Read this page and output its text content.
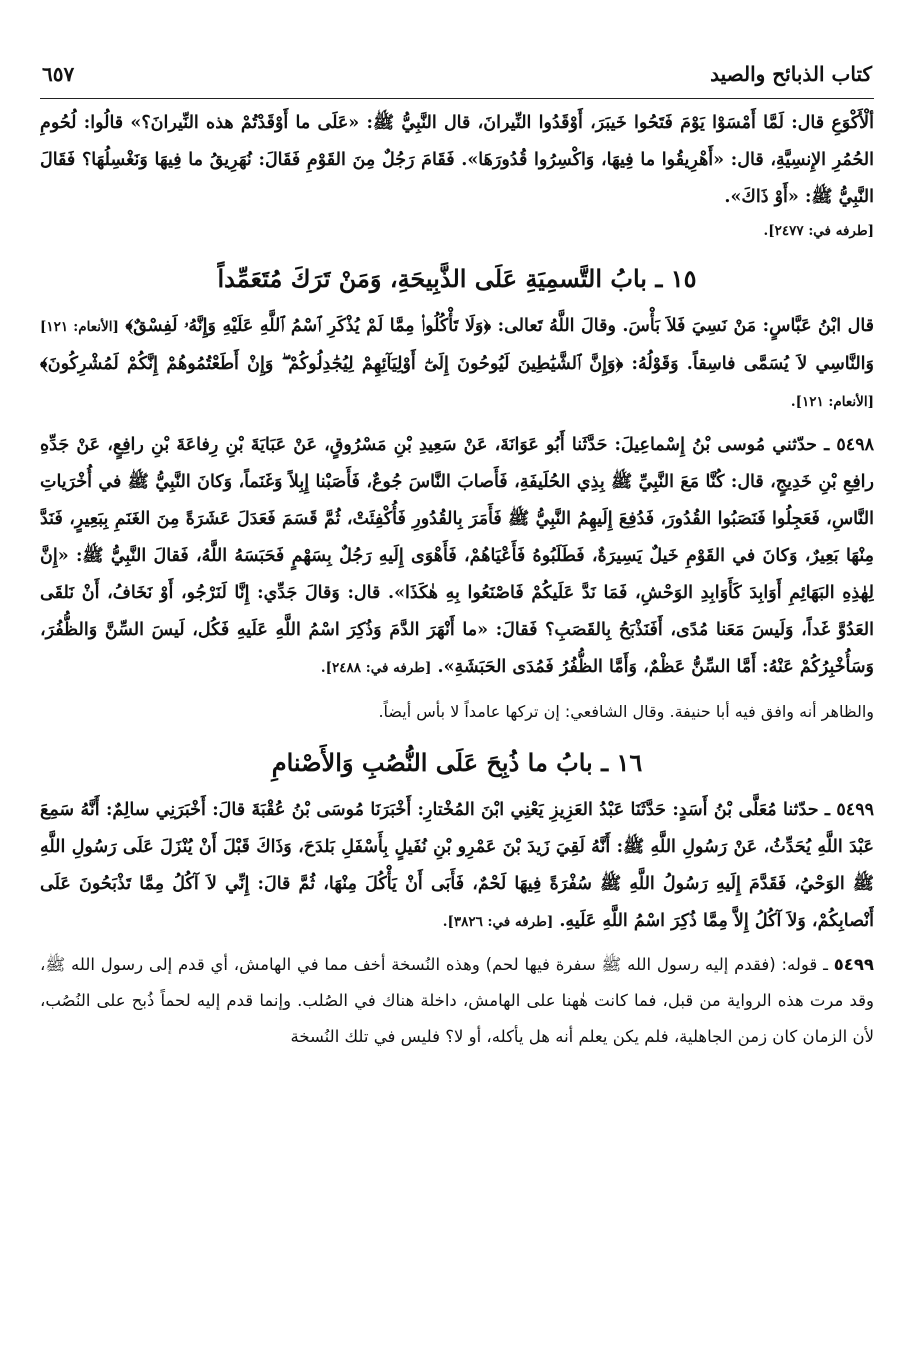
كتاب الذبائح والصيد
٦٥٧

ألْأَكْوَعِ قال: لَمَّا أَمْسَوْا يَوْمَ فَتَحُوا خَيبَرَ، أَوْقَدُوا النِّيرانَ، قال النَّبِيُّ ﷺ: «عَلَى ما أَوْقَدْتُمْ هذه النِّيرانَ؟» قالُوا: لُحُومِ الحُمُرِ الإِنسِيَّةِ، قال: «أَهْرِيقُوا ما فِيهَا، وَاكْسِرُوا قُدُورَهَا». فَقَامَ رَجُلٌ مِنَ القَوْمِ فَقَالَ: نُهَرِيقُ ما فِيهَا وَنَغْسِلُهَا؟ فَقَالَ النَّبِيُّ ﷺ: «أَوْ ذَاكَ».

[طرفه في: ٢٤٧٧].

١٥ ـ بابُ التَّسمِيَةِ عَلَى الذَّبِيحَةِ، وَمَنْ تَرَكَ مُتَعَمِّداً

قال ابْنُ عَبَّاسٍ: مَنْ نَسِيَ فَلاَ بَأْسَ. وقالَ اللَّهُ تَعالى: ﴿وَلَا تَأْكُلُوا۟ مِمَّا لَمْ يُذْكَرِ ٱسْمُ ٱللَّهِ عَلَيْهِ وَإِنَّهُۥ لَفِسْقٌ﴾ [الأنعام: ١٢١] وَالنَّاسِي لاَ يُسَمَّى فاسِقاً. وَقَوْلُهُ: ﴿وَإِنَّ ٱلشَّيَٰطِينَ لَيُوحُونَ إِلَىٰٓ أَوْلِيَآئِهِمْ لِيُجَٰدِلُوكُمْ ۖ وَإِنْ أَطَعْتُمُوهُمْ إِنَّكُمْ لَمُشْرِكُونَ﴾ [الأنعام: ١٢١].

٥٤٩٨ ـ حدّثني مُوسى بْنُ إِسْماعِيلَ: حَدَّثَنا أَبُو عَوَانَةَ، عَنْ سَعِيدِ بْنِ مَسْرُوقٍ، عَنْ عَبَايَةَ بْنِ رِفاعَةَ بْنِ رافِعٍ، عَنْ جَدِّهِ رافِعِ بْنِ خَدِيجٍ، قال: كُنَّا مَعَ النَّبِيِّ ﷺ بِذِي الحُلَيفَةِ، فَأَصابَ النَّاسَ جُوعٌ، فَأَصَبْنا إِبِلاً وَغَنَماً، وَكانَ النَّبِيُّ ﷺ في أُخْرَياتِ النَّاسِ، فَعَجِلُوا فَنَصَبُوا القُدُورَ، فَدُفِعَ إِلَيهِمُ النَّبِيُّ ﷺ فَأَمَرَ بِالقُدُورِ فَأُكْفِئَتْ، ثُمَّ قَسَمَ فَعَدَلَ عَشَرَةً مِنَ الغَنَمِ بِبَعِيرٍ، فَنَدَّ مِنْهَا بَعِيرٌ، وَكانَ في القَوْمِ خَيلٌ يَسِيرَةٌ، فَطَلَبُوهُ فَأَعْيَاهُمْ، فَأَهْوَى إِلَيهِ رَجُلٌ بِسَهْمٍ فَحَبَسَهُ اللَّهُ، فَقالَ النَّبِيُّ ﷺ: «إِنَّ لِهٰذِهِ البَهَائِمِ أَوَابِدَ كَأَوَابِدِ الوَحْشِ، فَمَا نَدَّ عَلَيكُمْ فَاصْنَعُوا بِهِ هٰكَذَا». قال: وَقالَ جَدِّي: إِنَّا لَنَرْجُو، أَوْ نَخَافُ، أَنْ نَلقَى العَدُوَّ غَداً، وَلَيسَ مَعَنا مُدًى، أَفَنَذْبَحُ بِالقَصَبِ؟ فَقالَ: «ما أَنْهَرَ الدَّمَ وَذُكِرَ اسْمُ اللَّهِ عَلَيهِ فَكُل، لَيسَ السِّنَّ وَالظُّفُرَ، وَسَأُخْبِرُكُمْ عَنْهُ: أَمَّا السِّنُّ عَظْمٌ، وَأَمَّا الظُّفُرُ فَمُدَى الحَبَشَةِ». [طرفه في: ٢٤٨٨].

والظاهر أنه وافق فيه أبا حنيفة. وقال الشافعي: إن تركها عامداً لا بأس أيضاً.

١٦ ـ بابُ ما ذُبِحَ عَلَى النُّصُبِ وَالأَصْنامِ

٥٤٩٩ ـ حدّثنا مُعَلَّى بْنُ أَسَدٍ: حَدَّثَنَا عَبْدُ العَزِيزِ يَعْنِي ابْنَ المُخْتارِ: أَخْبَرَنَا مُوسَى بْنُ عُقْبَةَ قالَ: أَخْبَرَنِي سالِمٌ: أَنَّهُ سَمِعَ عَبْدَ اللَّهِ يُحَدِّثُ، عَنْ رَسُولِ اللَّهِ ﷺ: أَنَّهُ لَقِيَ زَيدَ بْنَ عَمْرِو بْنِ نُفَيلٍ بِأَسْفَلِ بَلدَحَ، وَذَاكَ قَبْلَ أَنْ يُنْزَلَ عَلَى رَسُولِ اللَّهِ ﷺ الوَحْيُ، فَقَدَّمَ إِلَيهِ رَسُولُ اللَّهِ ﷺ سُفْرَةً فِيهَا لَحْمٌ، فَأَبَى أَنْ يَأْكُلَ مِنْهَا، ثُمَّ قالَ: إِنِّي لاَ آكُلُ مِمَّا تَذْبَحُونَ عَلَى أَنْصابِكُمْ، وَلاَ آكُلُ إِلاَّ مِمَّا ذُكِرَ اسْمُ اللَّهِ عَلَيهِ. [طرفه في: ٣٨٢٦].

٥٤٩٩ ـ قوله: (فقدم إليه رسول الله ﷺ سفرة فيها لحم) وهذه النُسخة أخف مما في الهامش، أي قدم إلى رسول الله ﷺ، وقد مرت هذه الرواية من قبل، فما كانت هٰهنا على الهامش، داخلة هناك في الصُلب. وإنما قدم إليه لحماً ذُبح على النُصُب، لأن الزمان كان زمن الجاهلية، فلم يكن يعلم أنه هل يأكله، أو لا؟ فليس في تلك النُسخة
